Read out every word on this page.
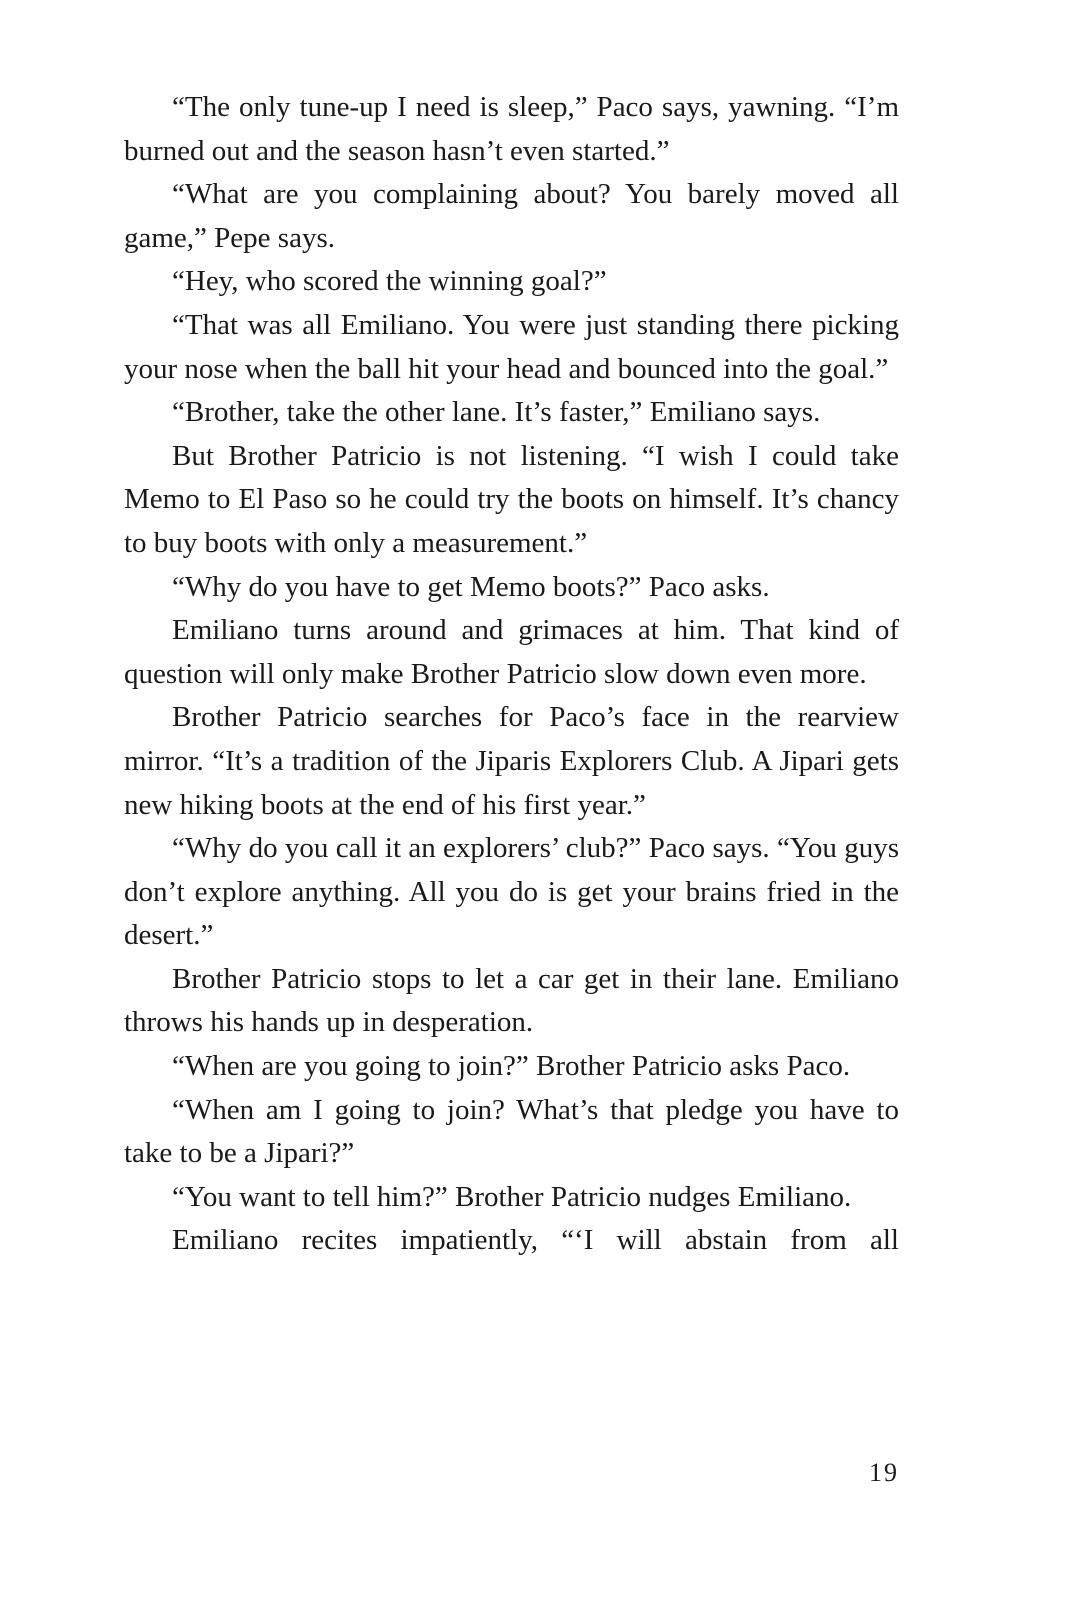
“The only tune-up I need is sleep,” Paco says, yawning. “I’m burned out and the season hasn’t even started.”

“What are you complaining about? You barely moved all game,” Pepe says.

“Hey, who scored the winning goal?”

“That was all Emiliano. You were just standing there picking your nose when the ball hit your head and bounced into the goal.”

“Brother, take the other lane. It’s faster,” Emiliano says.

But Brother Patricio is not listening. “I wish I could take Memo to El Paso so he could try the boots on himself. It’s chancy to buy boots with only a measurement.”

“Why do you have to get Memo boots?” Paco asks.

Emiliano turns around and grimaces at him. That kind of question will only make Brother Patricio slow down even more.

Brother Patricio searches for Paco’s face in the rearview mirror. “It’s a tradition of the Jiparis Explorers Club. A Jipari gets new hiking boots at the end of his first year.”

“Why do you call it an explorers’ club?” Paco says. “You guys don’t explore anything. All you do is get your brains fried in the desert.”

Brother Patricio stops to let a car get in their lane. Emiliano throws his hands up in desperation.

“When are you going to join?” Brother Patricio asks Paco.

“When am I going to join? What’s that pledge you have to take to be a Jipari?”

“You want to tell him?” Brother Patricio nudges Emiliano.

Emiliano recites impatiently, “‘I will abstain from all

19
